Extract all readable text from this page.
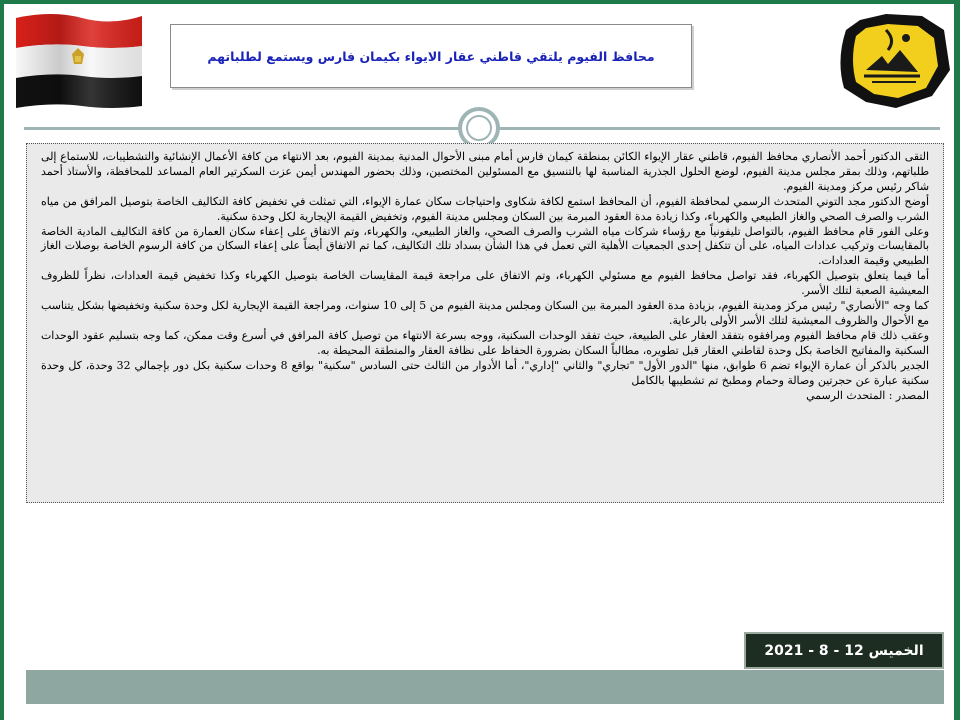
محافظ الفيوم يلتقي قاطني عقار الايواء بكيمان فارس ويستمع لطلباتهم

التقى الدكتور أحمد الأنصاري محافظ الفيوم، قاطني عقار الإيواء الكائن بمنطقة كيمان فارس أمام مبنى الأحوال المدنية بمدينة الفيوم، بعد الانتهاء من كافة الأعمال الإنشائية والتشطيبات، للاستماع إلى طلباتهم، وذلك بمقر مجلس مدينة الفيوم، لوضع الحلول الجذرية المناسبة لها بالتنسيق مع المسئولين المختصين، وذلك بحضور المهندس أيمن عزت السكرتير العام المساعد للمحافظة، والأستاذ أحمد شاكر رئيس مركز ومدينة الفيوم.

أوضح الدكتور مجد التوني المتحدث الرسمي لمحافظة الفيوم، أن المحافظ استمع لكافة شكاوى واحتياجات سكان عمارة الإيواء، التي تمثلت في تخفيض كافة التكاليف الخاصة بتوصيل المرافق من مياه الشرب والصرف الصحي والغاز الطبيعي والكهرباء، وكذا زيادة مدة العقود المبرمة بين السكان ومجلس مدينة الفيوم، وتخفيض القيمة الإيجارية لكل وحدة سكنية.

وعلى الفور قام محافظ الفيوم، بالتواصل تليفونياً مع رؤساء شركات مياه الشرب والصرف الصحي، والغاز الطبيعي، والكهرباء، وتم الاتفاق على إعفاء سكان العمارة من كافة التكاليف المادية الخاصة بالمقايسات وتركيب عدادات المياه، على أن تتكفل إحدى الجمعيات الأهلية التي تعمل في هذا الشأن بسداد تلك التكاليف، كما تم الاتفاق أيضاً على إعفاء السكان من كافة الرسوم الخاصة بوصلات الغاز الطبيعي وقيمة العدادات.

أما فيما يتعلق بتوصيل الكهرباء، فقد تواصل محافظ الفيوم مع مسئولي الكهرباء، وتم الاتفاق على مراجعة قيمة المقايسات الخاصة بتوصيل الكهرباء وكذا تخفيض قيمة العدادات، نظراً للظروف المعيشية الصعبة لتلك الأسر.

كما وجه "الأنصاري" رئيس مركز ومدينة الفيوم، بزيادة مدة العقود المبرمة بين السكان ومجلس مدينة الفيوم من 5 إلى 10 سنوات، ومراجعة القيمة الإيجارية لكل وحدة سكنية وتخفيضها بشكل يتناسب مع الأحوال والظروف المعيشية لتلك الأسر الأولى بالرعاية.

وعقب ذلك قام محافظ الفيوم ومرافقوه بتفقد العقار على الطبيعة، حيث تفقد الوحدات السكنية، ووجه بسرعة الانتهاء من توصيل كافة المرافق في أسرع وقت ممكن، كما وجه بتسليم عقود الوحدات السكنية والمفاتيح الخاصة بكل وحدة لقاطني العقار قبل تطويره، مطالباً السكان بضرورة الحفاظ على نظافة العقار والمنطقة المحيطة به.

الجدير بالذكر أن عمارة الإيواء تضم 6 طوابق، منها "الدور الأول" "تجاري" والثاني "إداري"، أما الأدوار من الثالث حتى السادس "سكنية" بواقع 8 وحدات سكنية بكل دور بإجمالي 32 وحدة، كل وحدة سكنية عبارة عن حجرتين وصالة وحمام ومطبخ تم تشطيبها بالكامل

المصدر : المتحدث الرسمي

الخميس 12 - 8 - 2021
